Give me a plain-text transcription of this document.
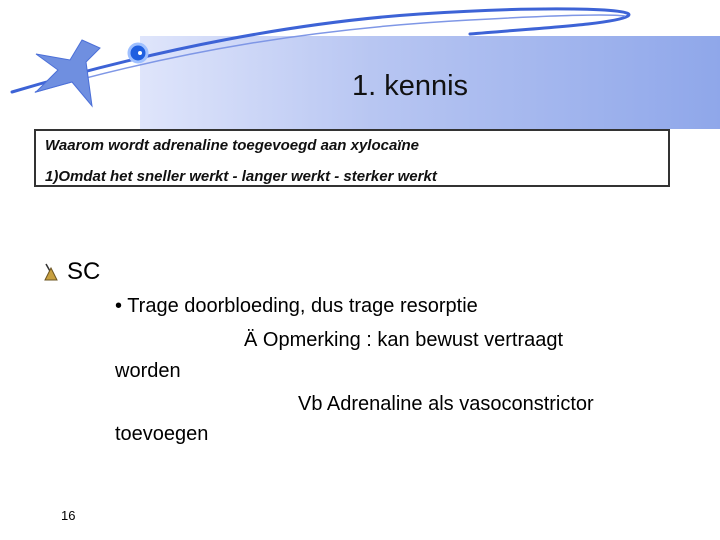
1. kennis
Waarom wordt adrenaline toegevoegd aan xylocaïne
1)Omdat het sneller werkt - langer werkt - sterker werkt
SC
• Trage doorbloeding, dus trage resorptie
Ä Opmerking : kan bewust vertraagt
worden
Vb Adrenaline als vasoconstrictor
toevoegen
16
